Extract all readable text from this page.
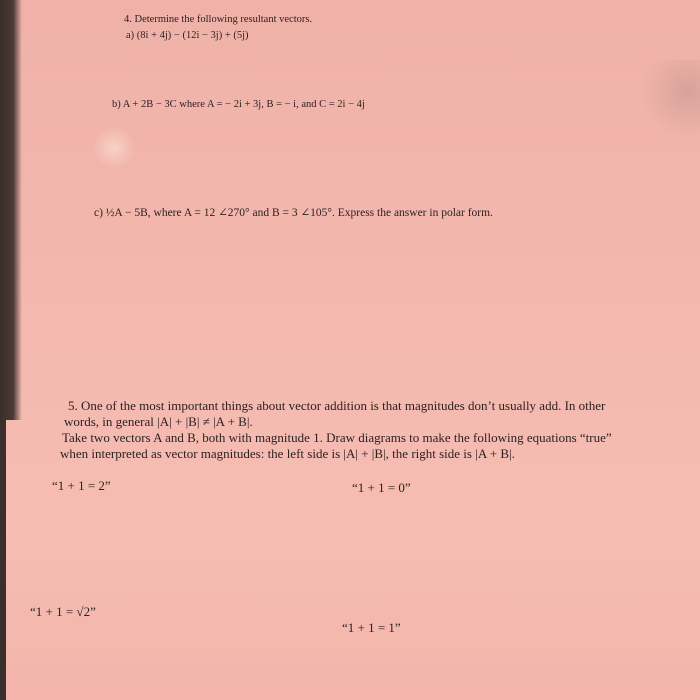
4. Determine the following resultant vectors.
a) (8i + 4j) − (12i − 3j) + (5j)
b) A + 2B − 3C where A = − 2i + 3j, B = − i, and C = 2i − 4j
c) ½A − 5B, where A = 12 ∠270° and B = 3 ∠105°. Express the answer in polar form.
5. One of the most important things about vector addition is that magnitudes don’t usually add. In other
words, in general |A| + |B| ≠ |A + B|.
Take two vectors A and B, both with magnitude 1. Draw diagrams to make the following equations “true”
when interpreted as vector magnitudes: the left side is |A| + |B|, the right side is |A + B|.
“1 + 1 = 2”	“1 + 1 = 0”
“1 + 1 = √2”
“1 + 1 = 1”
